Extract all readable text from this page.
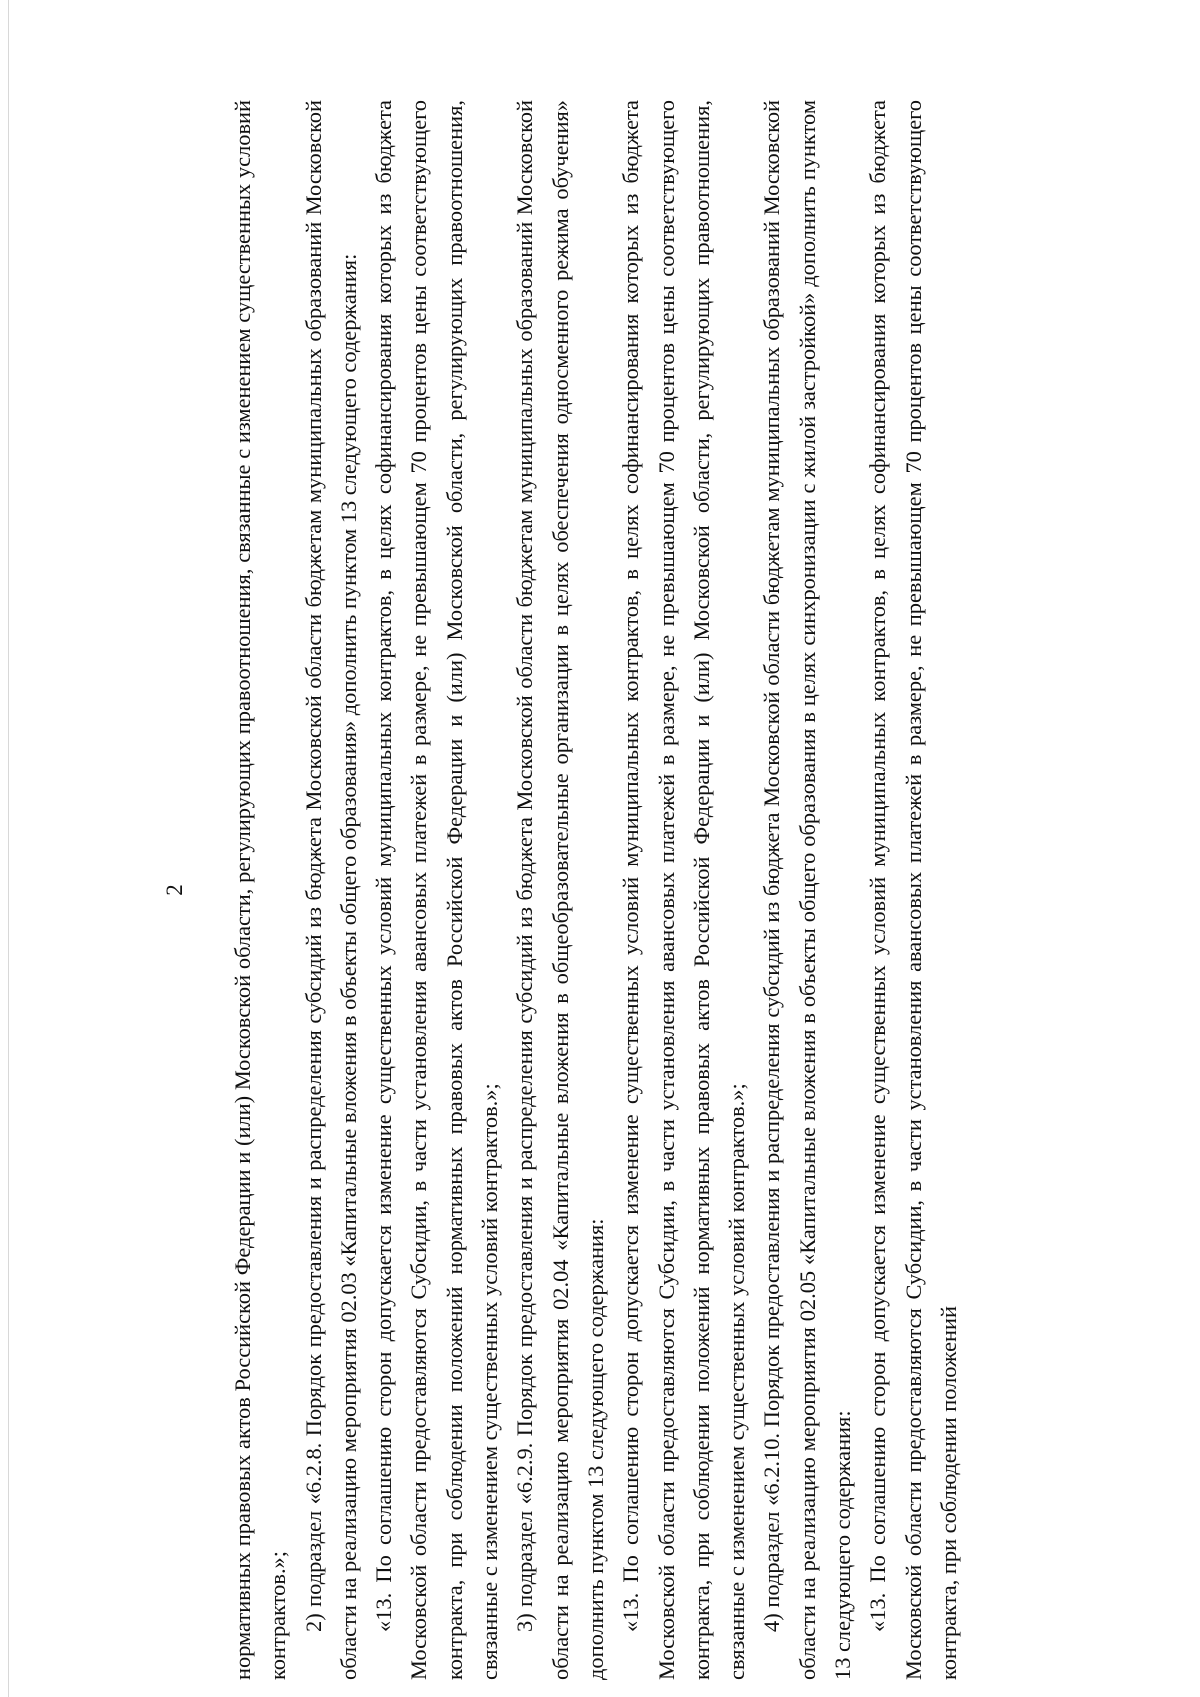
2 нормативных правовых актов Российской Федерации и (или) Московской области, регулирующих правоотношения, связанные с изменением существенных условий контрактов.»; 2) подраздел «6.2.8. Порядок предоставления и распределения субсидий из бюджета Московской области бюджетам муниципальных образований Московской области на реализацию мероприятия 02.03 «Капитальные вложения в объекты общего образования» дополнить пунктом 13 следующего содержания: «13. По соглашению сторон допускается изменение существенных условий муниципальных контрактов, в целях софинансирования которых из бюджета Московской области предоставляются Субсидии, в части установления авансовых платежей в размере, не превышающем 70 процентов цены соответствующего контракта, при соблюдении положений нормативных правовых актов Российской Федерации и (или) Московской области, регулирующих правоотношения, связанные с изменением существенных условий контрактов.»; 3) подраздел «6.2.9. Порядок предоставления и распределения субсидий из бюджета Московской области бюджетам муниципальных образований Московской области на реализацию мероприятия 02.04 «Капитальные вложения в общеобразовательные организации в целях обеспечения односменного режима обучения» дополнить пунктом 13 следующего содержания: «13. По соглашению сторон допускается изменение существенных условий муниципальных контрактов, в целях софинансирования которых из бюджета Московской области предоставляются Субсидии, в части установления авансовых платежей в размере, не превышающем 70 процентов цены соответствующего контракта, при соблюдении положений нормативных правовых актов Российской Федерации и (или) Московской области, регулирующих правоотношения, связанные с изменением существенных условий контрактов.»; 4) подраздел «6.2.10. Порядок предоставления и распределения субсидий из бюджета Московской области бюджетам муниципальных образований Московской области на реализацию мероприятия 02.05 «Капитальные вложения в объекты общего образования в целях синхронизации с жилой застройкой» дополнить пунктом 13 следующего содержания: «13. По соглашению сторон допускается изменение существенных условий муниципальных контрактов, в целях софинансирования которых из бюджета Московской области предоставляются Субсидии, в части установления авансовых платежей в размере, не превышающем 70 процентов цены соответствующего контракта, при соблюдении положений
